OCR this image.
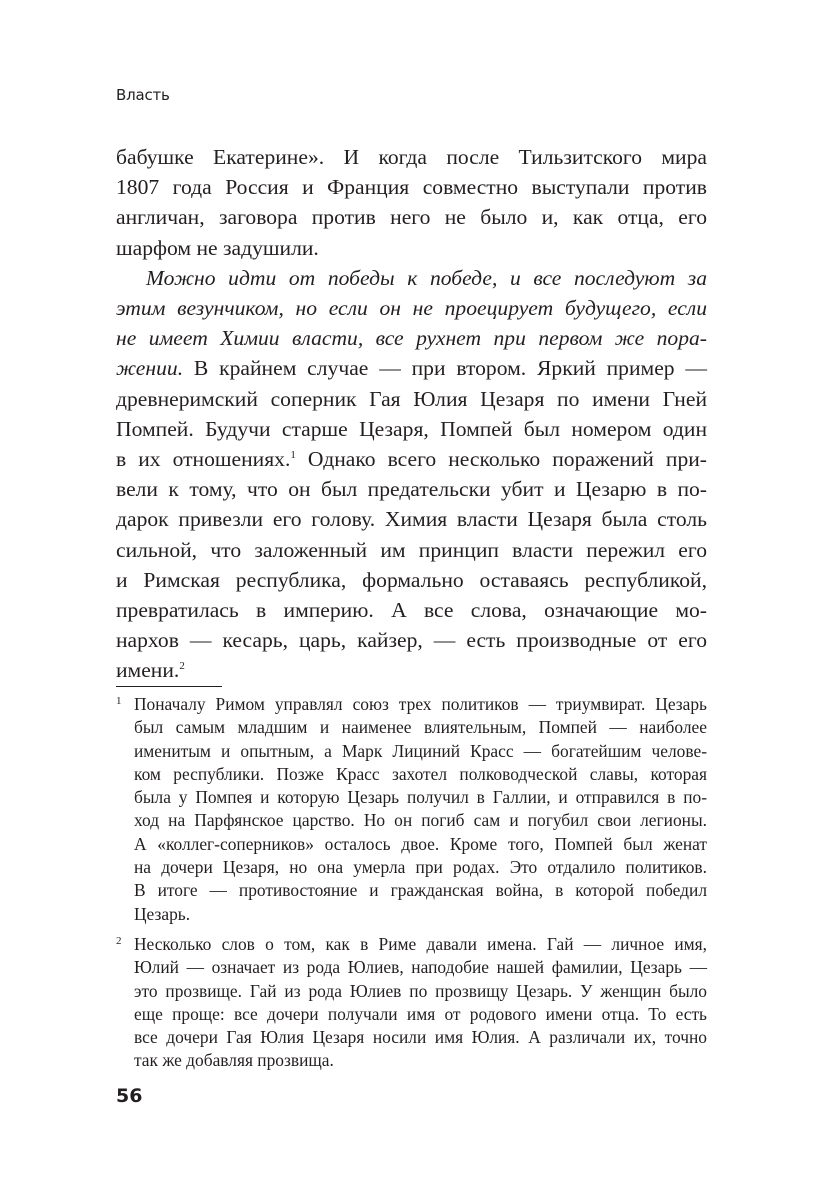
Власть

бабушке Екатерине». И когда после Тильзитского мира
1807 года Россия и Франция совместно выступали против
англичан, заговора против него не было и, как отца, его
шарфом не задушили.

Можно идти от победы к победе, и все последуют за
этим везунчиком, но если он не проецирует будущего, если
не имеет Химии власти, все рухнет при первом же пора-
жении. В крайнем случае — при втором. Яркий пример —
древнеримский соперник Гая Юлия Цезаря по имени Гней
Помпей. Будучи старше Цезаря, Помпей был номером один
в их отношениях.$^1$ Однако всего несколько поражений при-
вели к тому, что он был предательски убит и Цезарю в по-
дарок привезли его голову. Химия власти Цезаря была столь
сильной, что заложенный им принцип власти пережил его
и Римская республика, формально оставаясь республикой,
превратилась в империю. А все слова, означающие мо-
нархов — кесарь, царь, кайзер, — есть производные от его
имени.$^2$

1 Поначалу Римом управлял союз трех политиков — триумвират. Цезарь
был самым младшим и наименее влиятельным, Помпей — наиболее
именитым и опытным, а Марк Лициний Красс — богатейшим челове-
ком республики. Позже Красс захотел полководческой славы, которая
была у Помпея и которую Цезарь получил в Галлии, и отправился в по-
ход на Парфянское царство. Но он погиб сам и погубил свои легионы.
А «коллег-соперников» осталось двое. Кроме того, Помпей был женат
на дочери Цезаря, но она умерла при родах. Это отдалило политиков.
В итоге — противостояние и гражданская война, в которой победил
Цезарь.
2 Несколько слов о том, как в Риме давали имена. Гай — личное имя,
Юлий — означает из рода Юлиев, наподобие нашей фамилии, Цезарь —
это прозвище. Гай из рода Юлиев по прозвищу Цезарь. У женщин было
еще проще: все дочери получали имя от родового имени отца. То есть
все дочери Гая Юлия Цезаря носили имя Юлия. А различали их, точно
так же добавляя прозвища.
56
